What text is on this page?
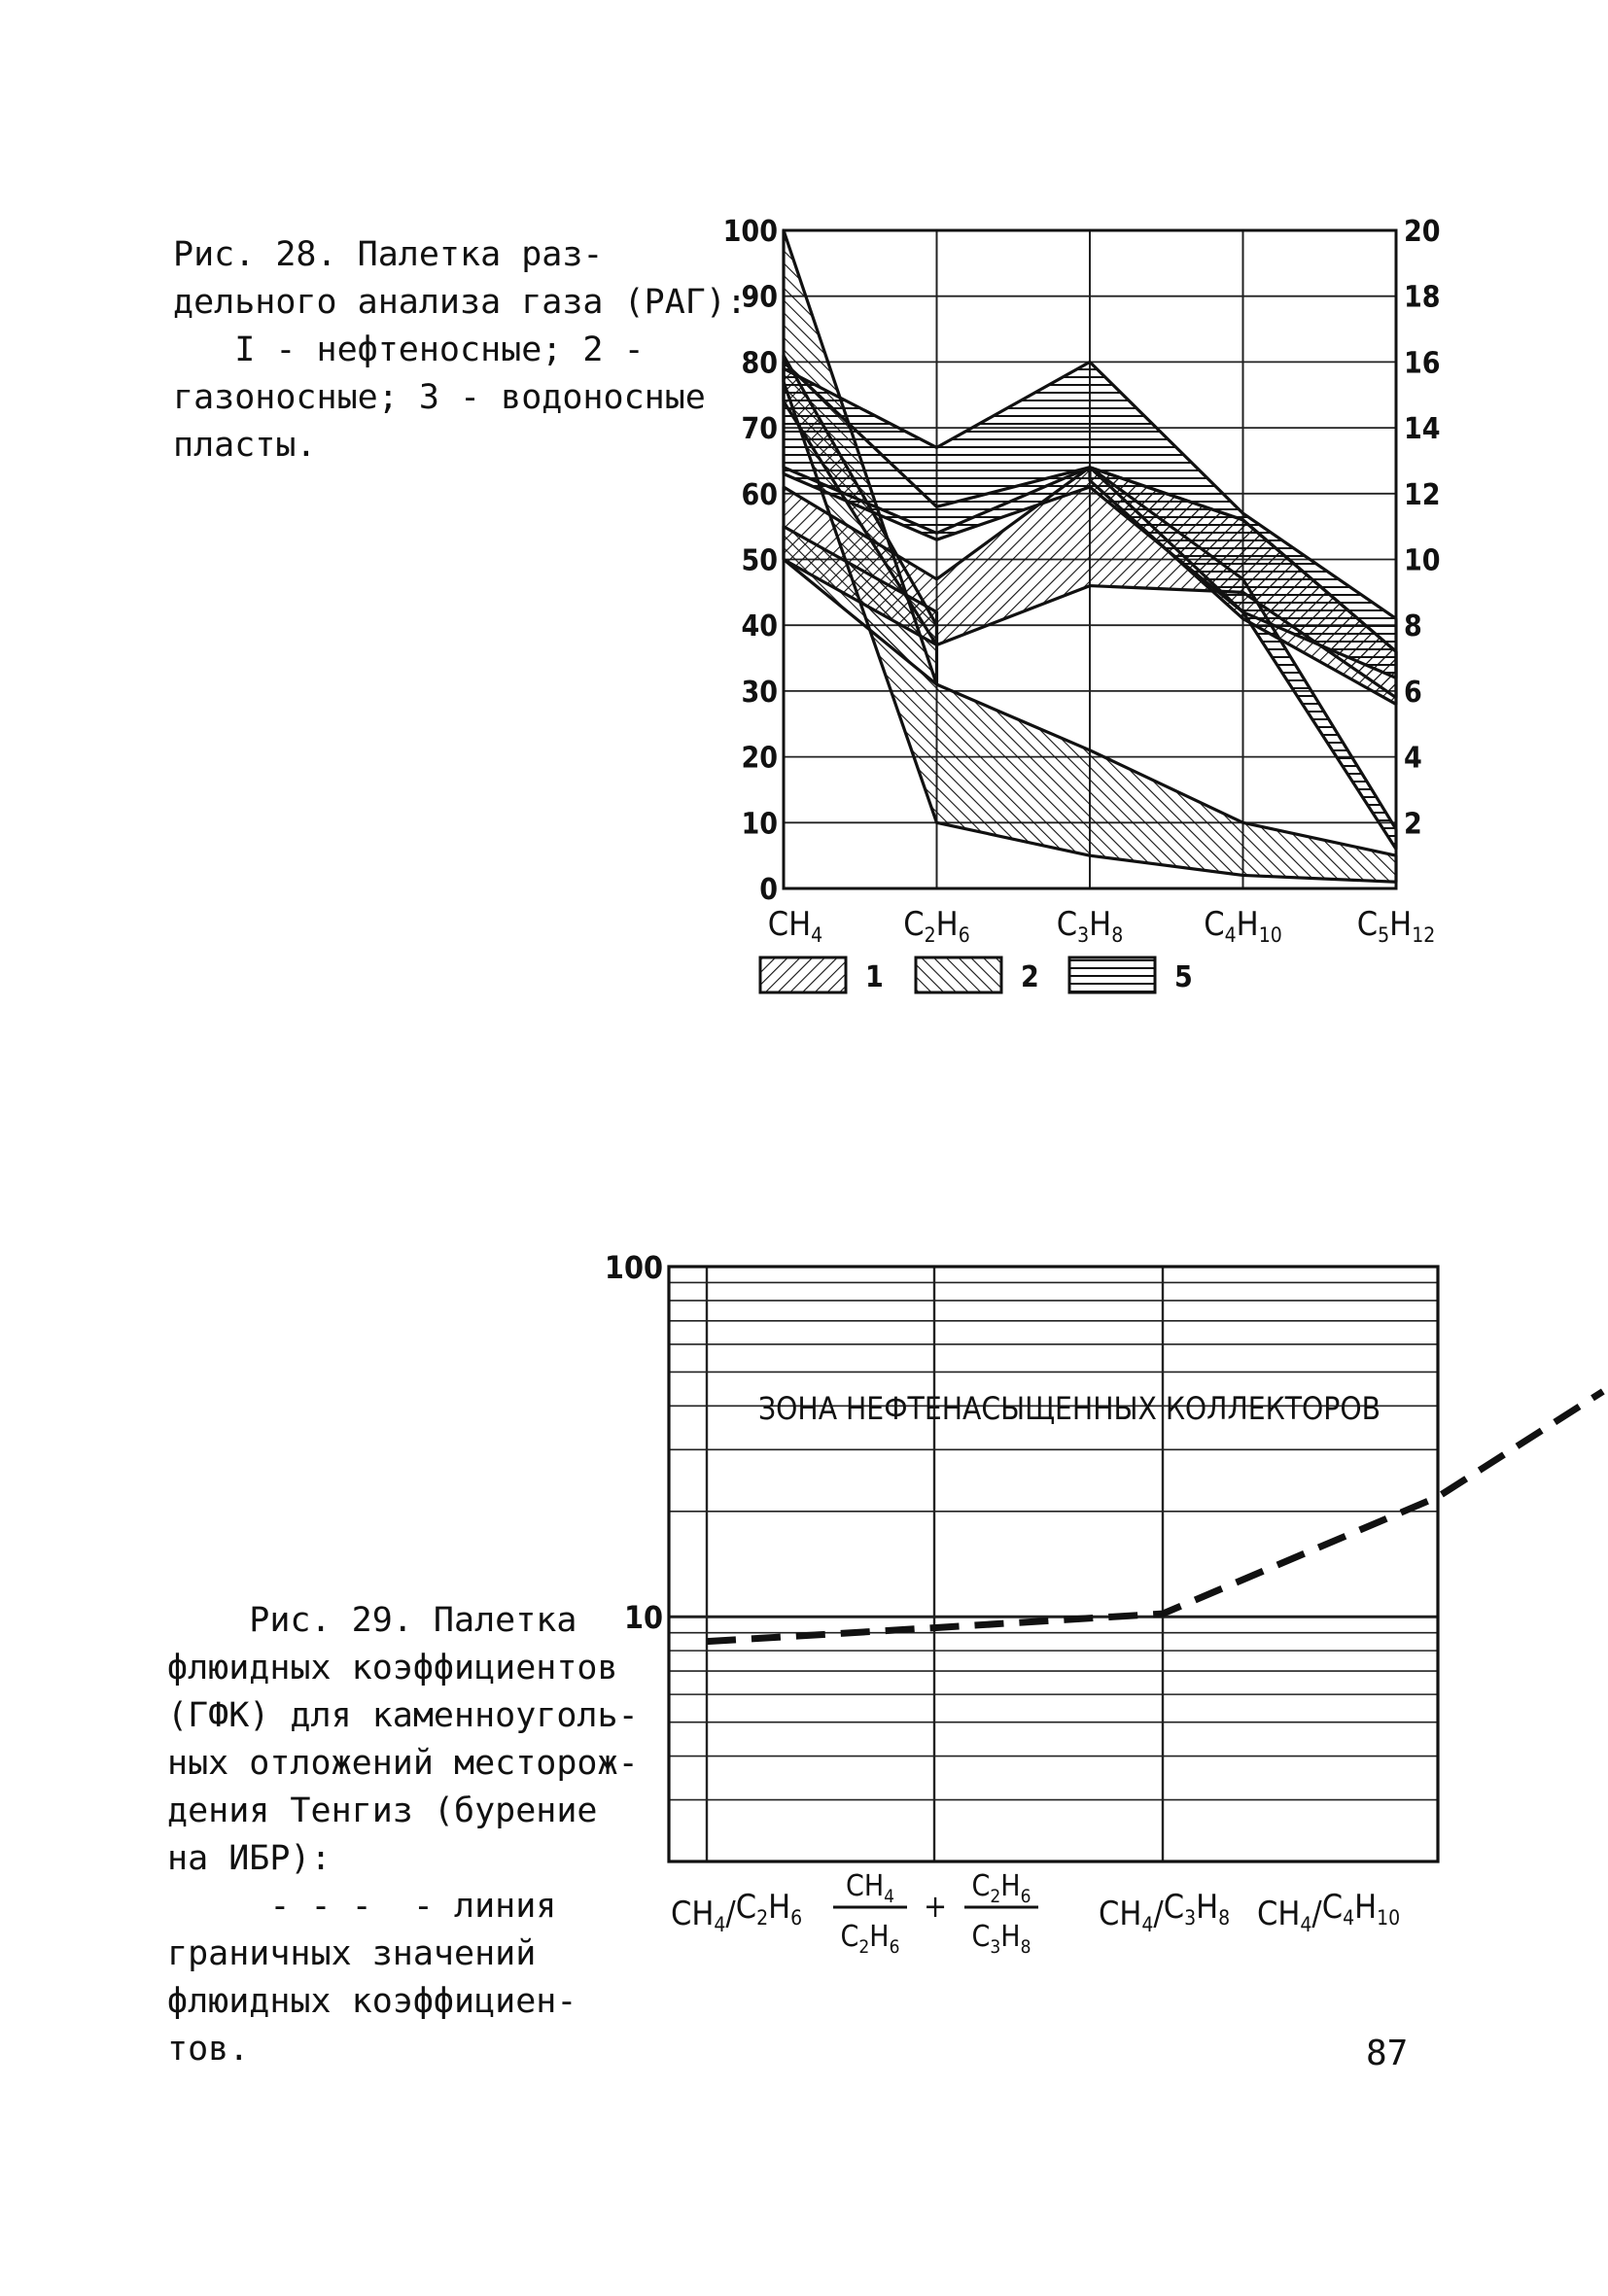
Рис. 28. Палетка раз-
дельного анализа газа (РАГ):
I - нефтеносные; 2 -
газоносные; 3 - водоносные
пласты.
Рис. 29. Палетка
флюидных коэффициентов
(ГФК) для каменноуголь-
ных отложений месторож-
дения Тенгиз (бурение
на ИБР):
- - -  - линия
граничных значений
флюидных коэффициен-
тов.	87
0
10
20
30
40
50
60
70
80
90
100
2
4
6
8
10
12
14
16
18
20
$CH_4$ $C_2H_6$	$C_3H_8$ $C_4H_{10}$ $C_5H_{12}$
1	2	5
10
100
ЗОНА НЕФТЕНАСЫЩЕННЫХ КОЛЛЕКТОРОВ
$CH_4/C_2H_6$
$CH_4$
$C_2H_6$
$C_2H_6$
$C_3H_8$
+	$CH_4/C_3H_8$ $CH_4/C_4H_{10}$
